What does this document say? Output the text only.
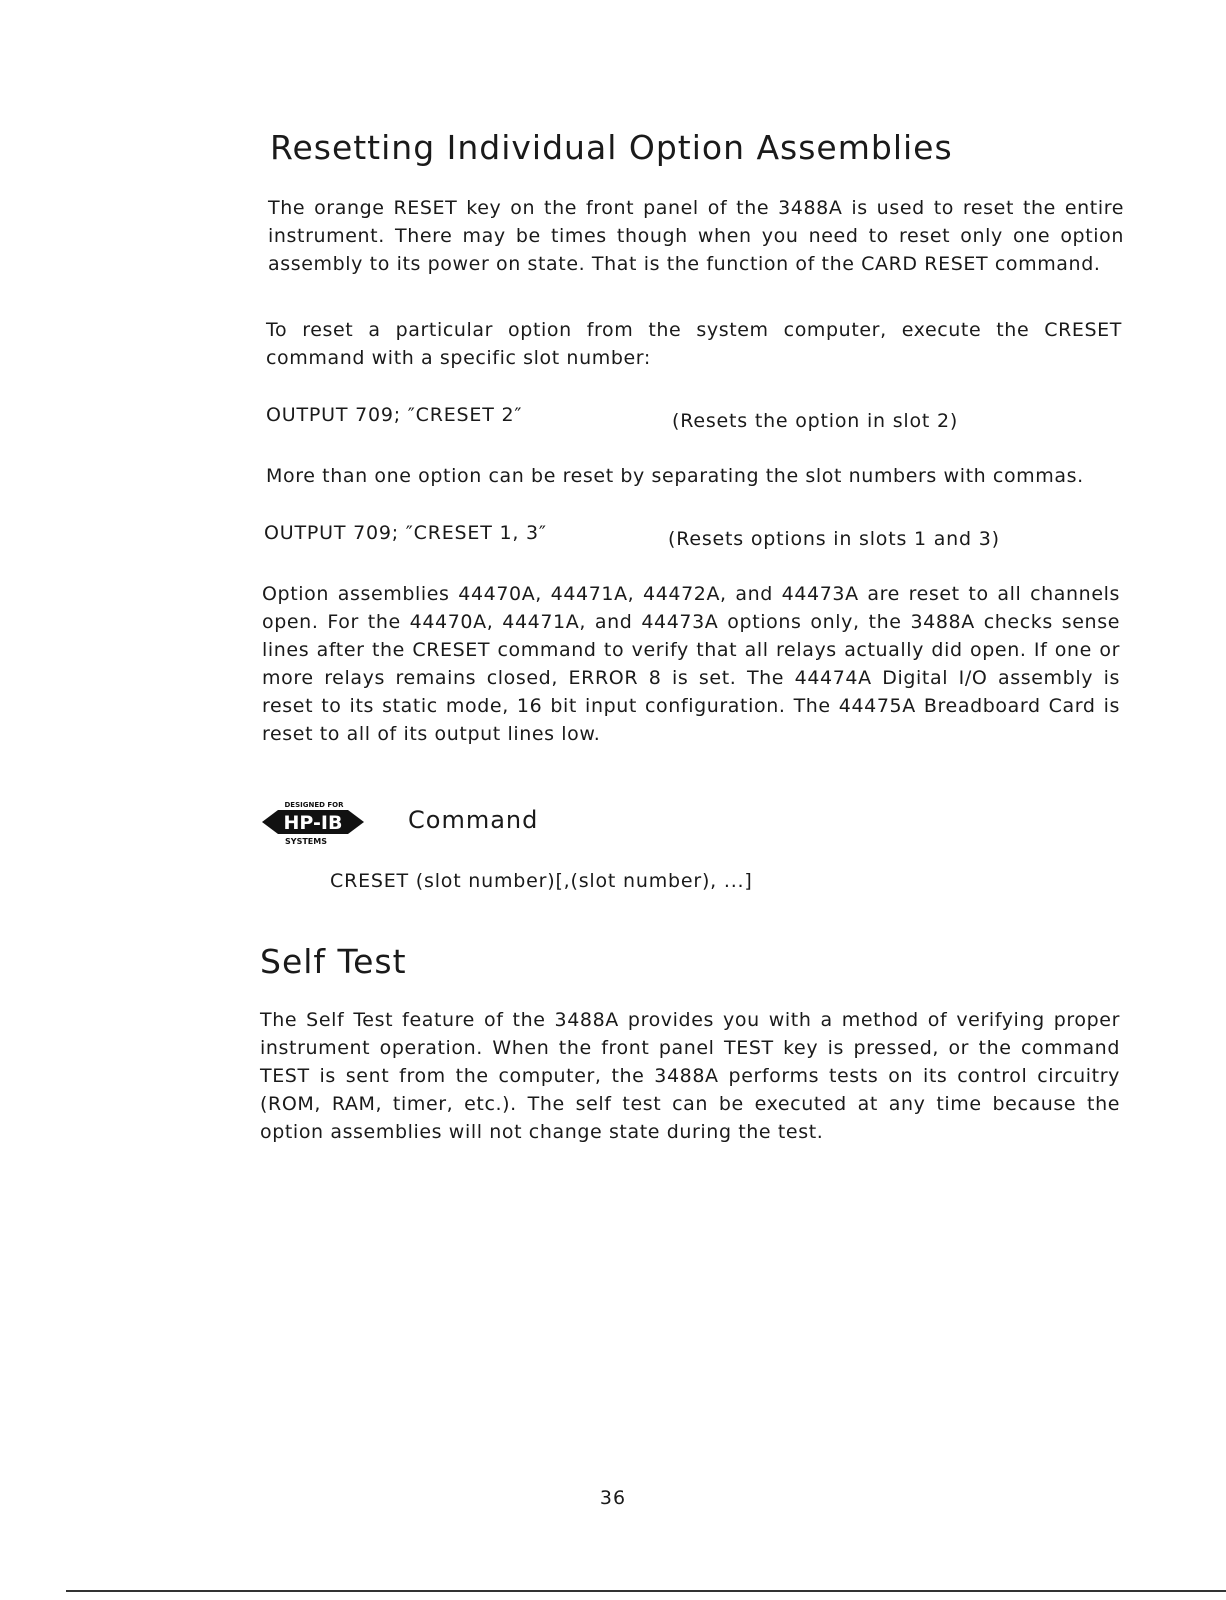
Resetting Individual Option Assemblies

The orange RESET key on the front panel of the 3488A is used to reset the entire instrument. There may be times though when you need to reset only one option assembly to its power on state. That is the function of the CARD RESET command.

To reset a particular option from the system computer, execute the CRESET command with a specific slot number:

OUTPUT 709; ″CRESET 2″	(Resets the option in slot 2)

More than one option can be reset by separating the slot numbers with commas.

OUTPUT 709; ″CRESET 1, 3″	(Resets options in slots 1 and 3)

Option assemblies 44470A, 44471A, 44472A, and 44473A are reset to all channels open. For the 44470A, 44471A, and 44473A options only, the 3488A checks sense lines after the CRESET command to verify that all relays actually did open. If one or more relays remains closed, ERROR 8 is set. The 44474A Digital I/O assembly is reset to its static mode, 16 bit input configuration. The 44475A Breadboard Card is reset to all of its output lines low.

DESIGNED FOR
HP-IB
SYSTEMS
Command
CRESET (slot number)[,(slot number), ...]
Self Test

The Self Test feature of the 3488A provides you with a method of verifying proper instrument operation. When the front panel TEST key is pressed, or the command TEST is sent from the computer, the 3488A performs tests on its control circuitry (ROM, RAM, timer, etc.). The self test can be executed at any time because the option assemblies will not change state during the test.

36
